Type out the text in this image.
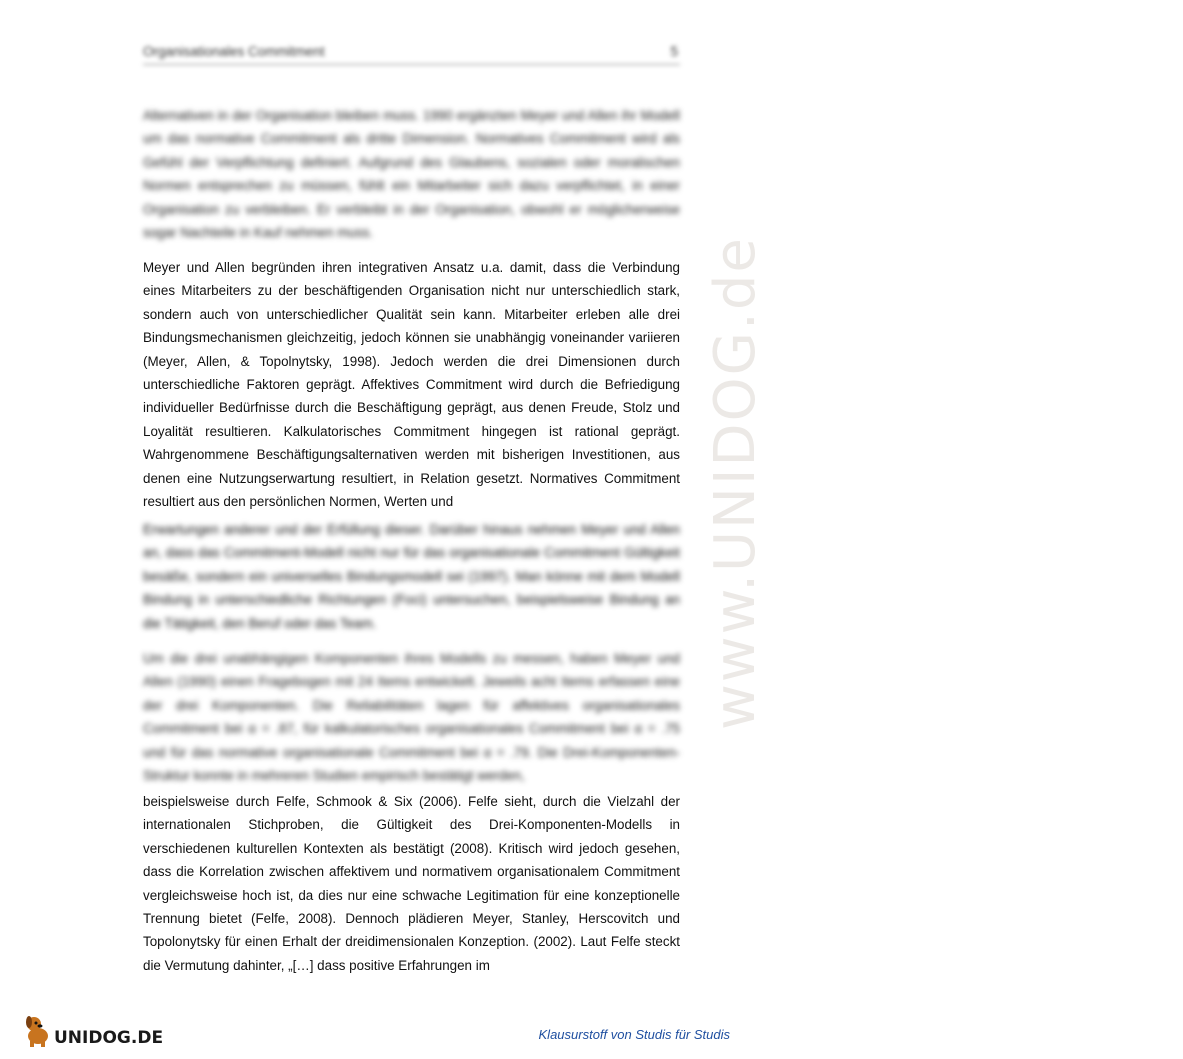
Organisationales Commitment	5
www.UNIDOG.de
Alternativen in der Organisation bleiben muss. 1990 ergänzten Meyer und Allen ihr Modell um das normative Commitment als dritte Dimension. Normatives Commitment wird als Gefühl der Verpflichtung definiert. Aufgrund des Glaubens, sozialen oder moralischen Normen entsprechen zu müssen, fühlt ein Mitarbeiter sich dazu verpflichtet, in einer Organisation zu verbleiben. Er verbleibt in der Organisation, obwohl er möglicherweise sogar Nachteile in Kauf nehmen muss.
Meyer und Allen begründen ihren integrativen Ansatz u.a. damit, dass die Verbindung eines Mitarbeiters zu der beschäftigenden Organisation nicht nur unterschiedlich stark, sondern auch von unterschiedlicher Qualität sein kann. Mitarbeiter erleben alle drei Bindungsmechanismen gleichzeitig, jedoch können sie unabhängig voneinander variieren (Meyer, Allen, & Topolnytsky, 1998). Jedoch werden die drei Dimensionen durch unterschiedliche Faktoren geprägt. Affektives Commitment wird durch die Befriedigung individueller Bedürfnisse durch die Beschäftigung geprägt, aus denen Freude, Stolz und Loyalität resultieren. Kalkulatorisches Commitment hingegen ist rational geprägt. Wahrgenommene Beschäftigungsalternativen werden mit bisherigen Investitionen, aus denen eine Nutzungserwartung resultiert, in Relation gesetzt. Normatives Commitment resultiert aus den persönlichen Normen, Werten und
Erwartungen anderer und der Erfüllung dieser. Darüber hinaus nehmen Meyer und Allen an, dass das Commitment-Modell nicht nur für das organisationale Commitment Gültigkeit besäße, sondern ein universelles Bindungsmodell sei (1997). Man könne mit dem Modell Bindung in unterschiedliche Richtungen (Foci) untersuchen, beispielsweise Bindung an die Tätigkeit, den Beruf oder das Team.
Um die drei unabhängigen Komponenten ihres Modells zu messen, haben Meyer und Allen (1990) einen Fragebogen mit 24 Items entwickelt. Jeweils acht Items erfassen eine der drei Komponenten. Die Reliabilitäten lagen für affektives organisationales Commitment bei α = .87, für kalkulatorisches organisationales Commitment bei α = .75 und für das normative organisationale Commitment bei α = .79. Die Drei-Komponenten-Struktur konnte in mehreren Studien empirisch bestätigt werden,
beispielsweise durch Felfe, Schmook & Six (2006). Felfe sieht, durch die Vielzahl der internationalen Stichproben, die Gültigkeit des Drei-Komponenten-Modells in verschiedenen kulturellen Kontexten als bestätigt (2008). Kritisch wird jedoch gesehen, dass die Korrelation zwischen affektivem und normativem organisationalem Commitment vergleichsweise hoch ist, da dies nur eine schwache Legitimation für eine konzeptionelle Trennung bietet (Felfe, 2008). Dennoch plädieren Meyer, Stanley, Herscovitch und Topolonytsky für einen Erhalt der dreidimensionalen Konzeption. (2002). Laut Felfe steckt die Vermutung dahinter, „[…] dass positive Erfahrungen im
UNIDOG.DE	Klausurstoff von Studis für Studis
